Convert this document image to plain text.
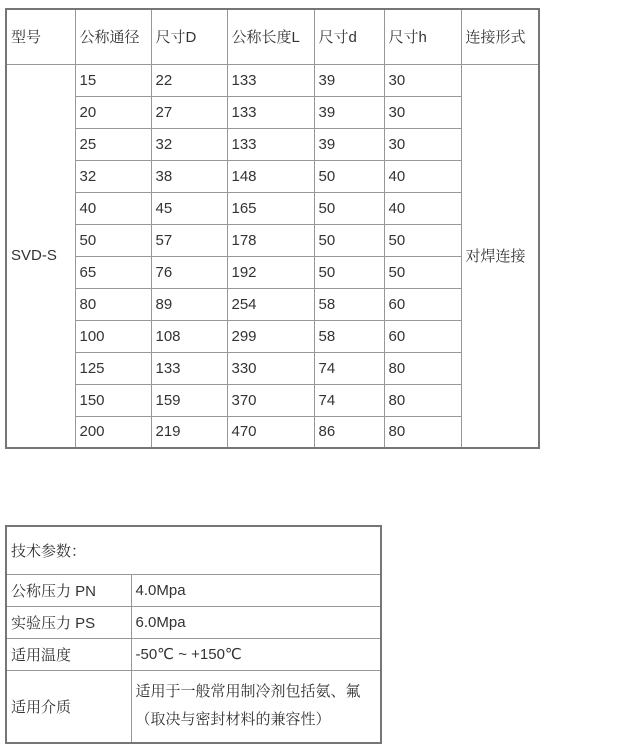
型号	公称通径	尺寸D	公称长度L	尺寸d	尺寸h	连接形式
SVD-S	15	22	133	39	30	对焊连接
	20	27	133	39	30	
	25	32	133	39	30	
	32	38	148	50	40	
	40	45	165	50	40	
	50	57	178	50	50	
	65	76	192	50	50	
	80	89	254	58	60	
	100	108	299	58	60	
	125	133	330	74	80	
	150	159	370	74	80	
	200	219	470	86	80	
技术参数：	
公称压力 PN	4.0Mpa
实验压力 PS	6.0Mpa
适用温度	-50℃ ~ +150℃
适用介质	适用于一般常用制冷剂包括氨、氟（取决与密封材料的兼容性）
